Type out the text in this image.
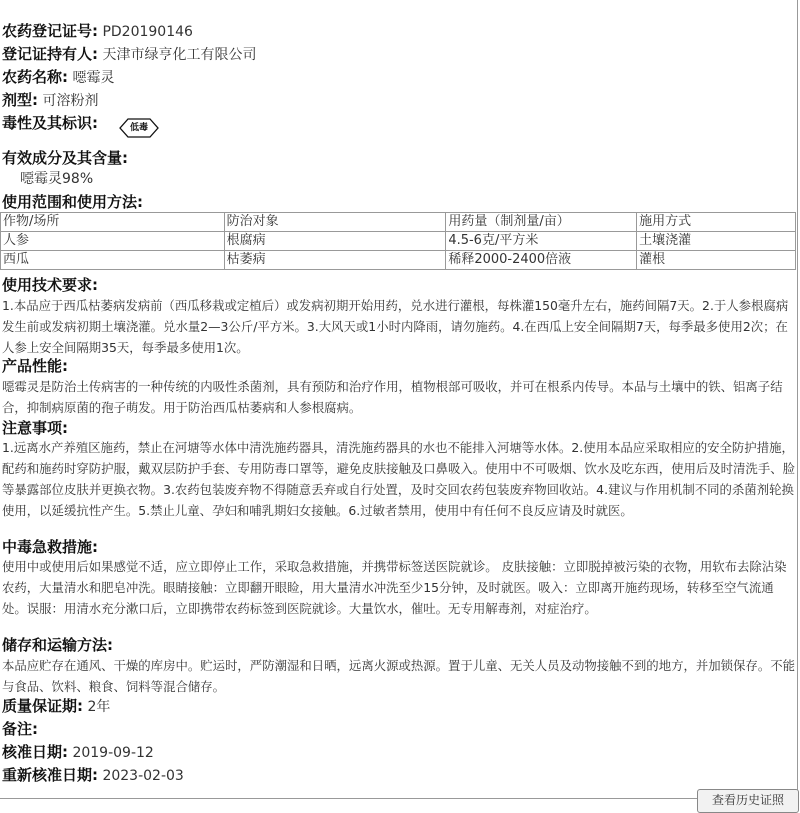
农药登记证号: PD20190146
登记证持有人: 天津市绿亨化工有限公司
农药名称: 噁霉灵
剂型: 可溶粉剂
毒性及其标识:	低毒
有效成分及其含量:
噁霉灵98%
使用范围和使用方法:
作物/场所	防治对象	用药量（制剂量/亩）	施用方式
人参	根腐病	4.5-6克/平方米	土壤浇灌
西瓜	枯萎病	稀释2000-2400倍液	灌根
使用技术要求:
1.本品应于西瓜枯萎病发病前（西瓜移栽或定植后）或发病初期开始用药，兑水进行灌根，每株灌150毫升左右，施药间隔7天。2.于人参根腐病发生前或发病初期土壤浇灌。兑水量2—3公斤/平方米。3.大风天或1小时内降雨，请勿施药。4.在西瓜上安全间隔期7天，每季最多使用2次；在人参上安全间隔期35天，每季最多使用1次。
产品性能:
噁霉灵是防治土传病害的一种传统的内吸性杀菌剂，具有预防和治疗作用，植物根部可吸收，并可在根系内传导。本品与土壤中的铁、铝离子结合，抑制病原菌的孢子萌发。用于防治西瓜枯萎病和人参根腐病。
注意事项:
1.远离水产养殖区施药，禁止在河塘等水体中清洗施药器具，清洗施药器具的水也不能排入河塘等水体。2.使用本品应采取相应的安全防护措施，配药和施药时穿防护服，戴双层防护手套、专用防毒口罩等，避免皮肤接触及口鼻吸入。使用中不可吸烟、饮水及吃东西，使用后及时清洗手、脸等暴露部位皮肤并更换衣物。3.农药包装废弃物不得随意丢弃或自行处置，及时交回农药包装废弃物回收站。4.建议与作用机制不同的杀菌剂轮换使用，以延缓抗性产生。5.禁止儿童、孕妇和哺乳期妇女接触。6.过敏者禁用，使用中有任何不良反应请及时就医。
中毒急救措施:
使用中或使用后如果感觉不适，应立即停止工作，采取急救措施，并携带标签送医院就诊。 皮肤接触：立即脱掉被污染的衣物，用软布去除沾染农药，大量清水和肥皂冲洗。眼睛接触：立即翻开眼睑，用大量清水冲洗至少15分钟，及时就医。吸入：立即离开施药现场，转移至空气流通处。误服：用清水充分漱口后，立即携带农药标签到医院就诊。大量饮水，催吐。无专用解毒剂，对症治疗。
储存和运输方法:
本品应贮存在通风、干燥的库房中。贮运时，严防潮湿和日晒，远离火源或热源。置于儿童、无关人员及动物接触不到的地方，并加锁保存。不能与食品、饮料、粮食、饲料等混合储存。
质量保证期: 2年
备注:
核准日期: 2019-09-12
重新核准日期: 2023-02-03
查看历史证照
